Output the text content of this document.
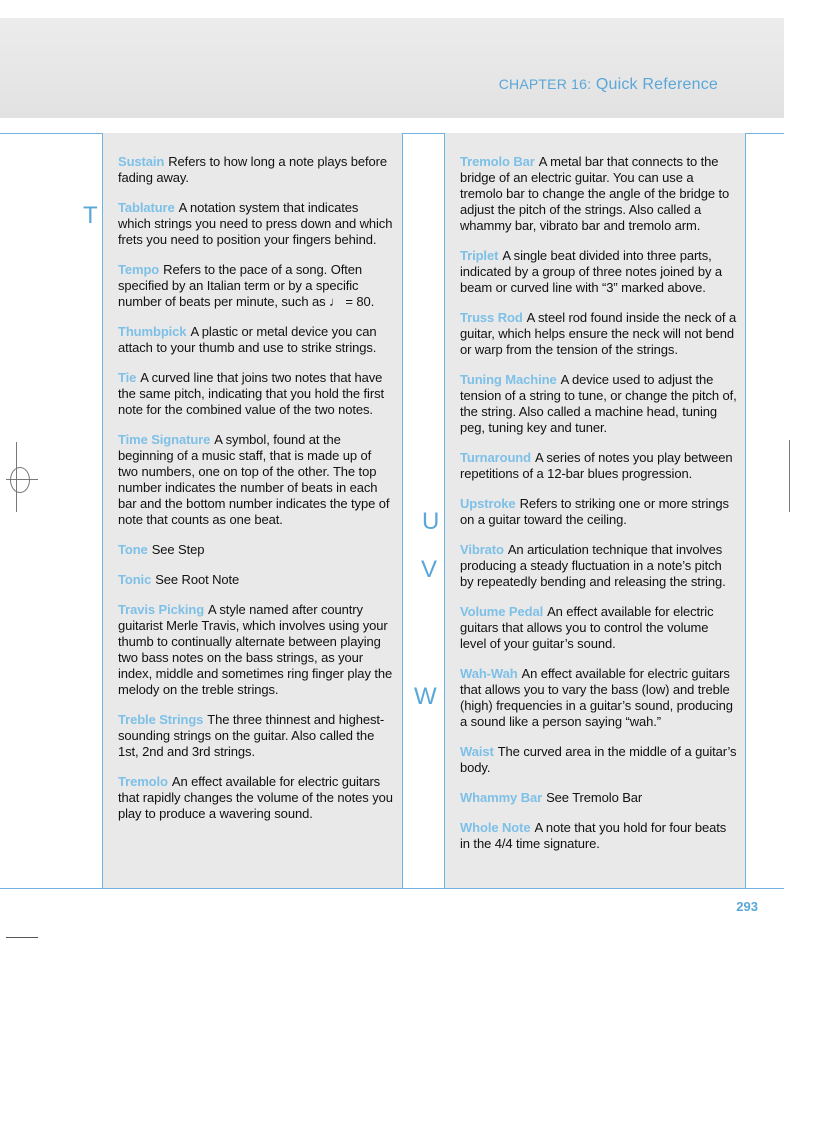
CHAPTER 16: Quick Reference
T
U
V
W
Sustain Refers to how long a note plays before fading away.
Tablature A notation system that indicates which strings you need to press down and which frets you need to position your fingers behind.
Tempo Refers to the pace of a song. Often specified by an Italian term or by a specific number of beats per minute, such as ♩ = 80.
Thumbpick A plastic or metal device you can attach to your thumb and use to strike strings.
Tie A curved line that joins two notes that have the same pitch, indicating that you hold the first note for the combined value of the two notes.
Time Signature A symbol, found at the beginning of a music staff, that is made up of two numbers, one on top of the other. The top number indicates the number of beats in each bar and the bottom number indicates the type of note that counts as one beat.
Tone See Step
Tonic See Root Note
Travis Picking A style named after country guitarist Merle Travis, which involves using your thumb to continually alternate between playing two bass notes on the bass strings, as your index, middle and sometimes ring finger play the melody on the treble strings.
Treble Strings The three thinnest and highest-sounding strings on the guitar. Also called the 1st, 2nd and 3rd strings.
Tremolo An effect available for electric guitars that rapidly changes the volume of the notes you play to produce a wavering sound.
Tremolo Bar A metal bar that connects to the bridge of an electric guitar. You can use a tremolo bar to change the angle of the bridge to adjust the pitch of the strings. Also called a whammy bar, vibrato bar and tremolo arm.
Triplet A single beat divided into three parts, indicated by a group of three notes joined by a beam or curved line with “3” marked above.
Truss Rod A steel rod found inside the neck of a guitar, which helps ensure the neck will not bend or warp from the tension of the strings.
Tuning Machine A device used to adjust the tension of a string to tune, or change the pitch of, the string. Also called a machine head, tuning peg, tuning key and tuner.
Turnaround A series of notes you play between repetitions of a 12-bar blues progression.
Upstroke Refers to striking one or more strings on a guitar toward the ceiling.
Vibrato An articulation technique that involves producing a steady fluctuation in a note’s pitch by repeatedly bending and releasing the string.
Volume Pedal An effect available for electric guitars that allows you to control the volume level of your guitar’s sound.
Wah-Wah An effect available for electric guitars that allows you to vary the bass (low) and treble (high) frequencies in a guitar’s sound, producing a sound like a person saying “wah.”
Waist The curved area in the middle of a guitar’s body.
Whammy Bar See Tremolo Bar
Whole Note A note that you hold for four beats in the 4/4 time signature.
293
